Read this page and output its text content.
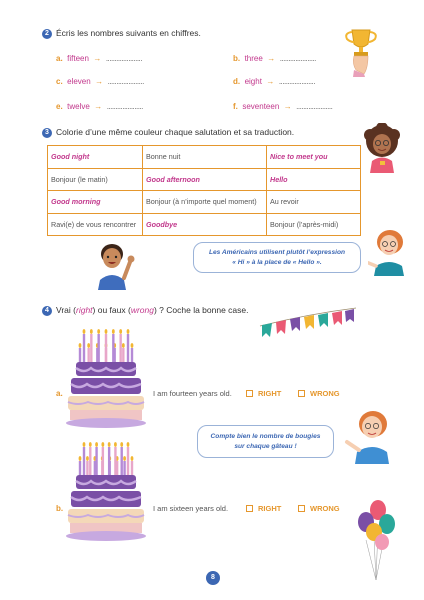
2 Écris les nombres suivants en chiffres.
a. fifteen → .....................	b. three → .....................
c. eleven → .....................	d. eight → .....................
e. twelve → .....................	f. seventeen → .....................
3 Colorie d’une même couleur chaque salutation et sa traduction.
Good night	Bonne nuit	Nice to meet you
Bonjour (le matin)	Good afternoon	Hello
Good morning	Bonjour (à n’importe quel moment)	Au revoir
Ravi(e) de vous rencontrer	Goodbye	Bonjour (l’après-midi)
Les Américains utilisent plutôt l’expression
« Hi » à la place de « Hello ».
4 Vrai (right) ou faux (wrong) ? Coche la bonne case.
a.	I am fourteen years old.	RIGHT	WRONG
Compte bien le nombre de bougies
sur chaque gâteau !
b.	I am sixteen years old.	RIGHT	WRONG
8
